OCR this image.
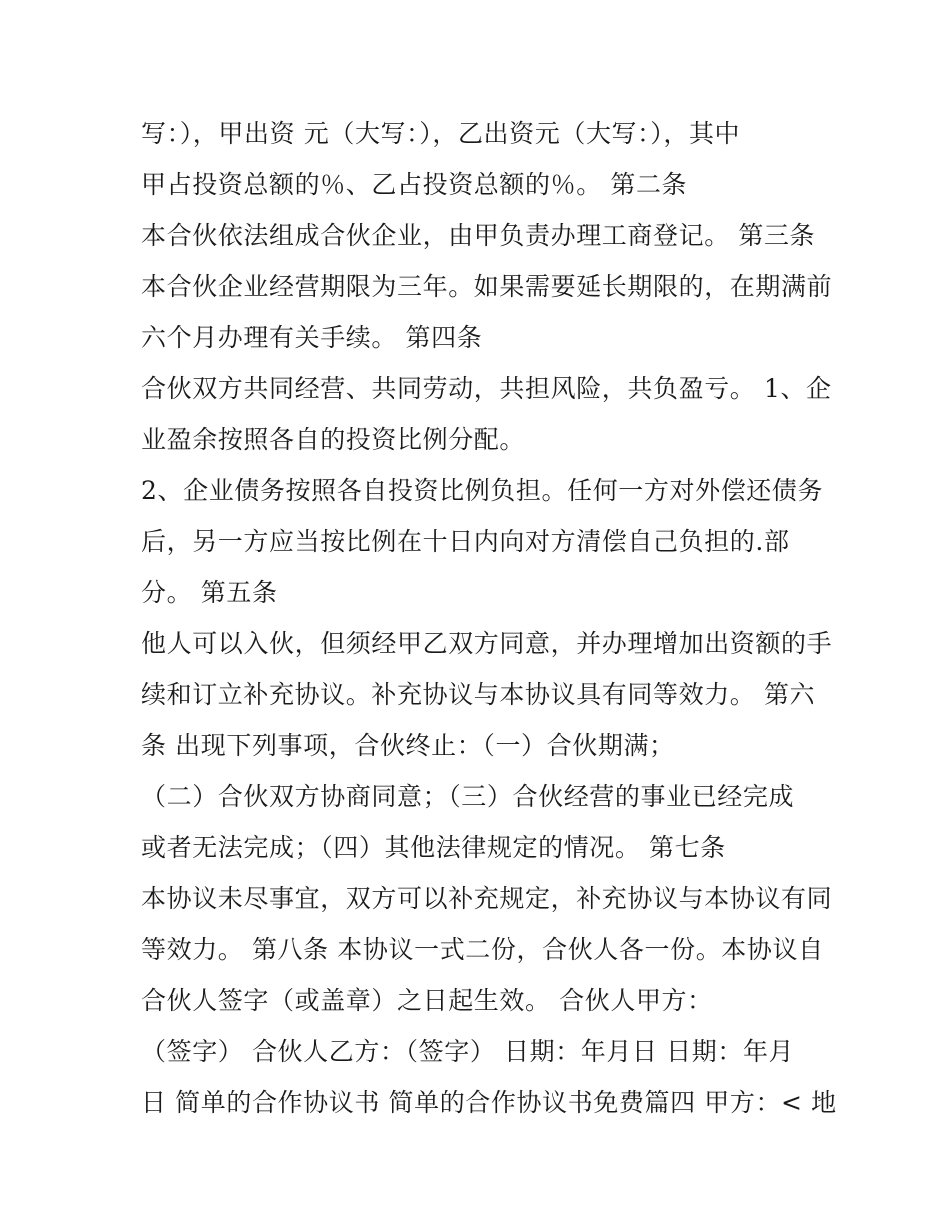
写：），甲出资 元（大写：），乙出资元（大写：），其中
甲占投资总额的％、乙占投资总额的％。 第二条
本合伙依法组成合伙企业，由甲负责办理工商登记。 第三条
本合伙企业经营期限为三年。如果需要延长期限的，在期满前
六个月办理有关手续。 第四条
合伙双方共同经营、共同劳动，共担风险，共负盈亏。 1、企
业盈余按照各自的投资比例分配。
2、企业债务按照各自投资比例负担。任何一方对外偿还债务
后，另一方应当按比例在十日内向对方清偿自己负担的.部
分。 第五条
他人可以入伙，但须经甲乙双方同意，并办理增加出资额的手
续和订立补充协议。补充协议与本协议具有同等效力。 第六
条 出现下列事项，合伙终止：（一）合伙期满；
（二）合伙双方协商同意；（三）合伙经营的事业已经完成
或者无法完成；（四）其他法律规定的情况。 第七条
本协议未尽事宜，双方可以补充规定，补充协议与本协议有同
等效力。 第八条 本协议一式二份，合伙人各一份。本协议自
合伙人签字（或盖章）之日起生效。 合伙人甲方：
（签字） 合伙人乙方：（签字） 日期：年月日 日期：年月
日 简单的合作协议书 简单的合作协议书免费篇四 甲方：< 地
